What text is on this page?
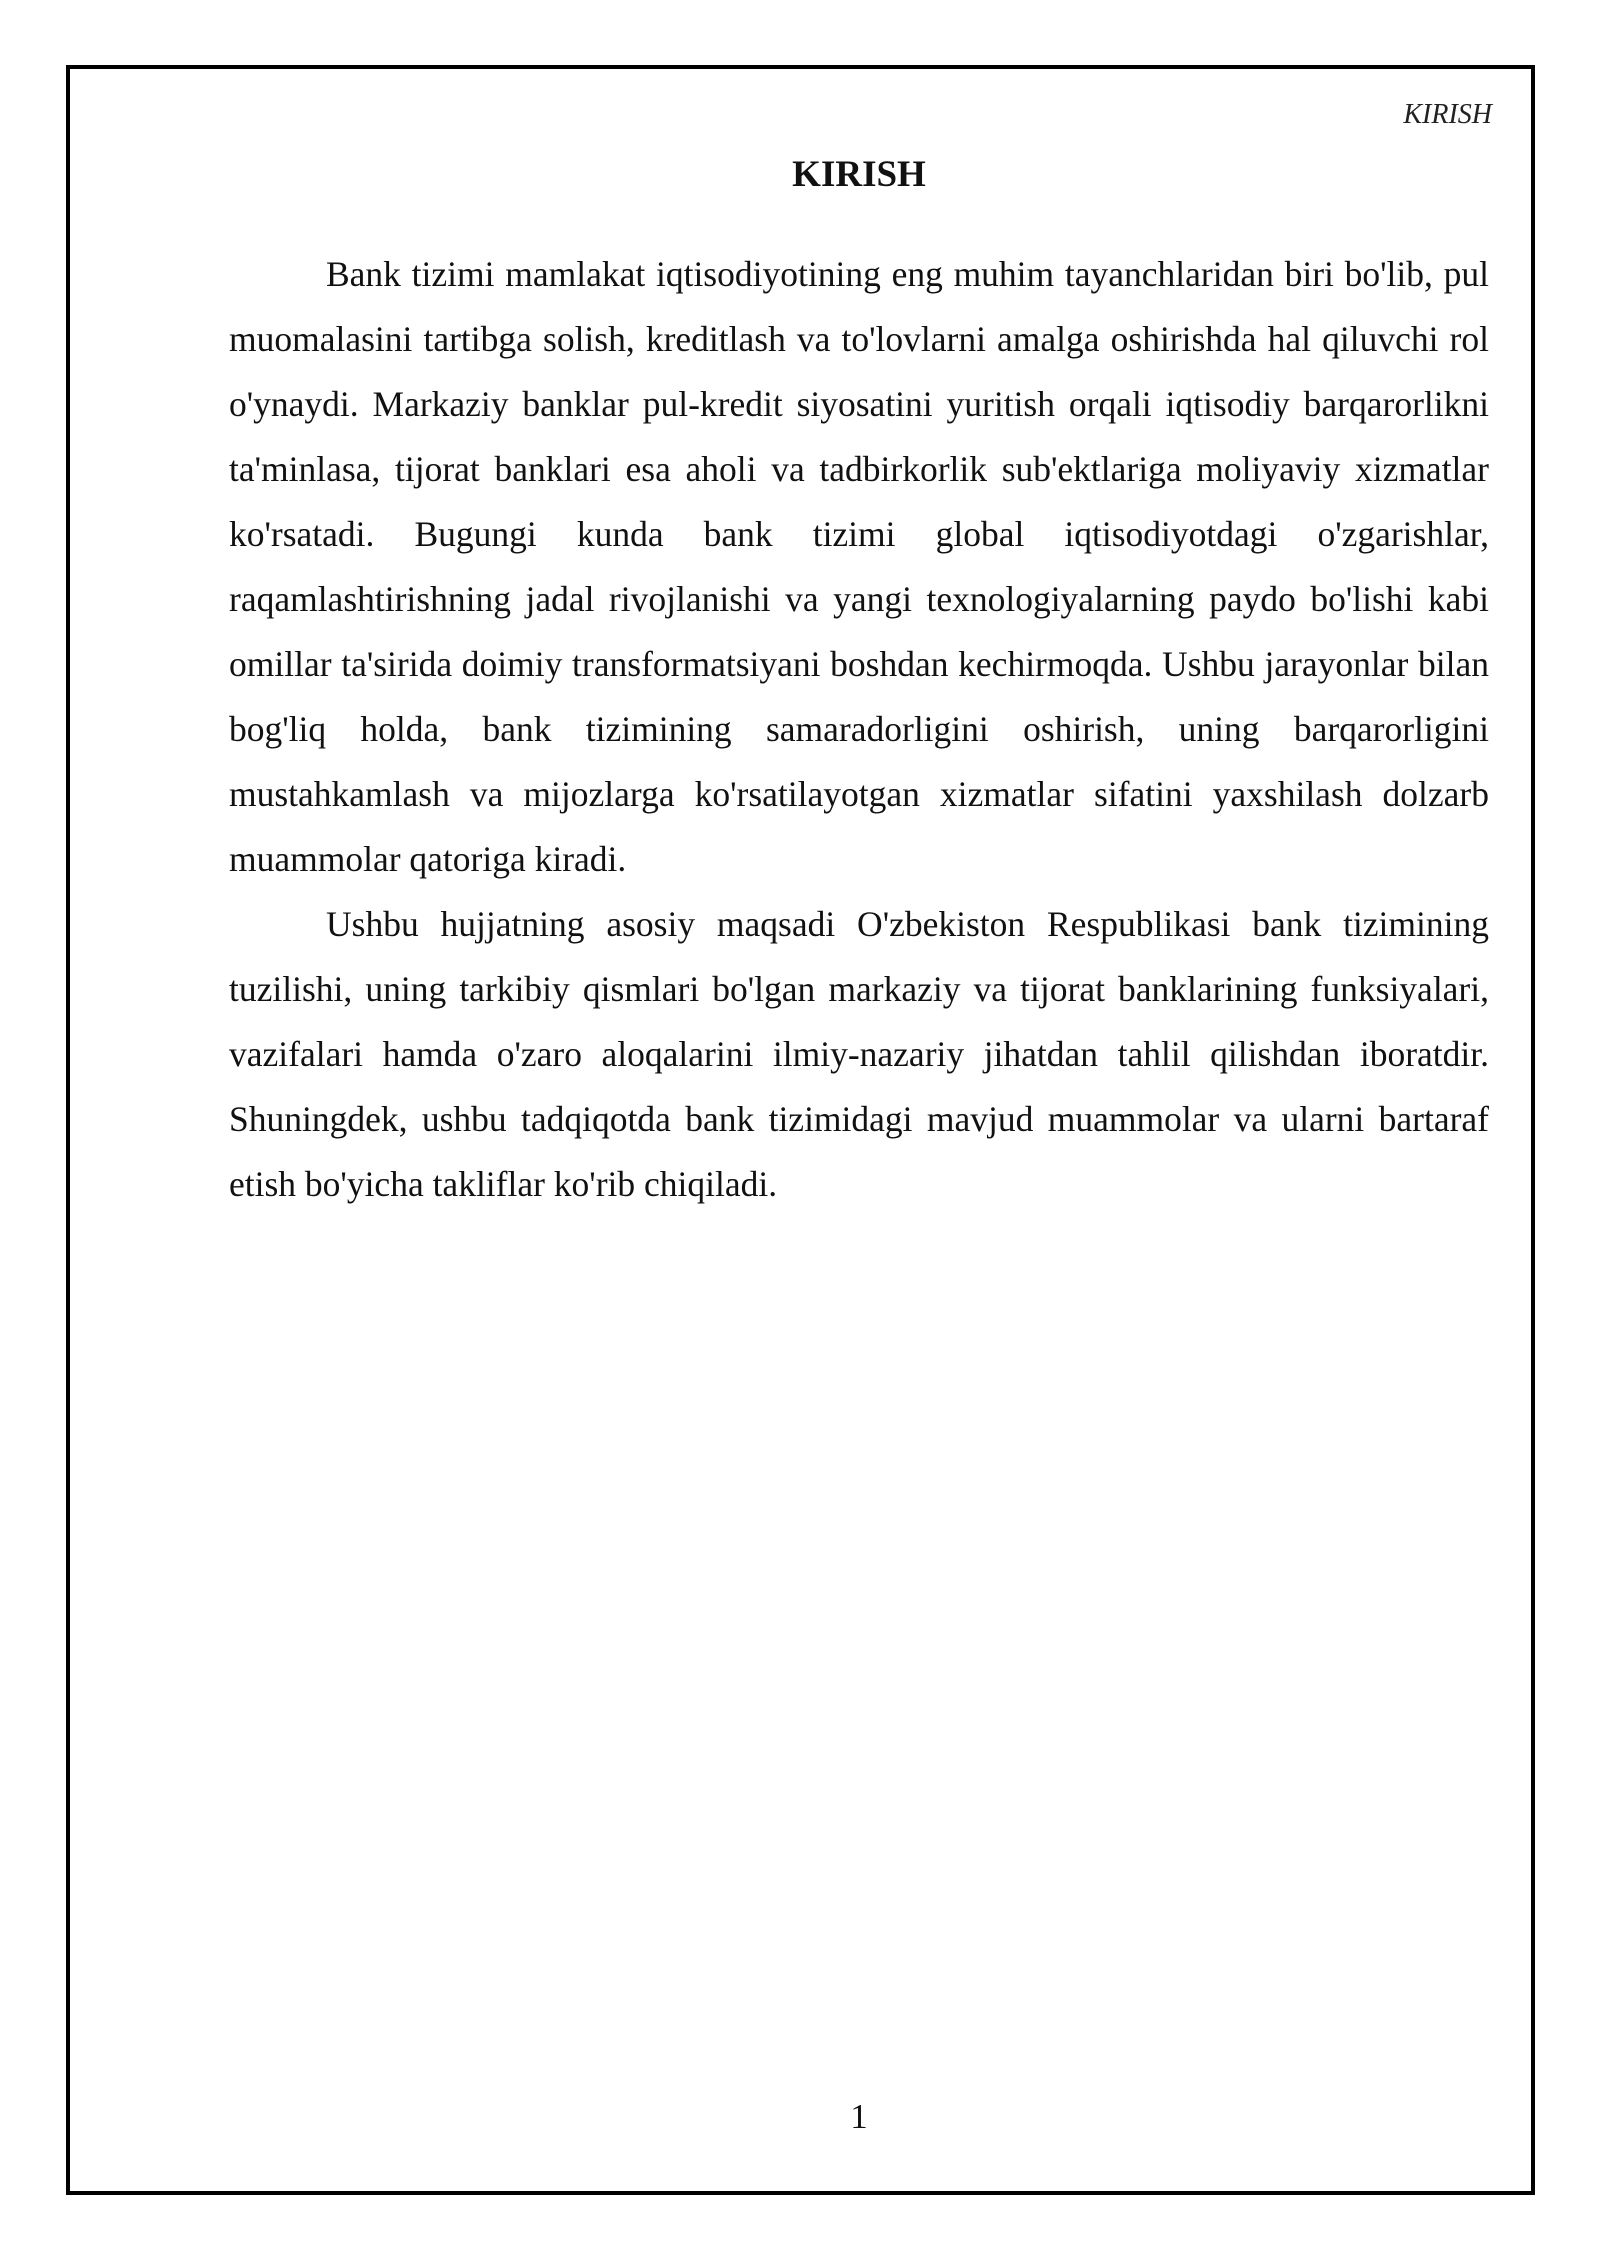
KIRISH
KIRISH

Bank tizimi mamlakat iqtisodiyotining eng muhim tayanchlaridan biri bo'lib, pul muomalasini tartibga solish, kreditlash va to'lovlarni amalga oshirishda hal qiluvchi rol o'ynaydi. Markaziy banklar pul-kredit siyosatini yuritish orqali iqtisodiy barqarorlikni ta'minlasa, tijorat banklari esa aholi va tadbirkorlik sub'ektlariga moliyaviy xizmatlar ko'rsatadi. Bugungi kunda bank tizimi global iqtisodiyotdagi o'zgarishlar, raqamlashtirishning jadal rivojlanishi va yangi texnologiyalarning paydo bo'lishi kabi omillar ta'sirida doimiy transformatsiyani boshdan kechirmoqda. Ushbu jarayonlar bilan bog'liq holda, bank tizimining samaradorligini oshirish, uning barqarorligini mustahkamlash va mijozlarga ko'rsatilayotgan xizmatlar sifatini yaxshilash dolzarb muammolar qatoriga kiradi.

Ushbu hujjatning asosiy maqsadi O'zbekiston Respublikasi bank tizimining tuzilishi, uning tarkibiy qismlari bo'lgan markaziy va tijorat banklarining funksiyalari, vazifalari hamda o'zaro aloqalarini ilmiy-nazariy jihatdan tahlil qilishdan iboratdir. Shuningdek, ushbu tadqiqotda bank tizimidagi mavjud muammolar va ularni bartaraf etish bo'yicha takliflar ko'rib chiqiladi.

1
